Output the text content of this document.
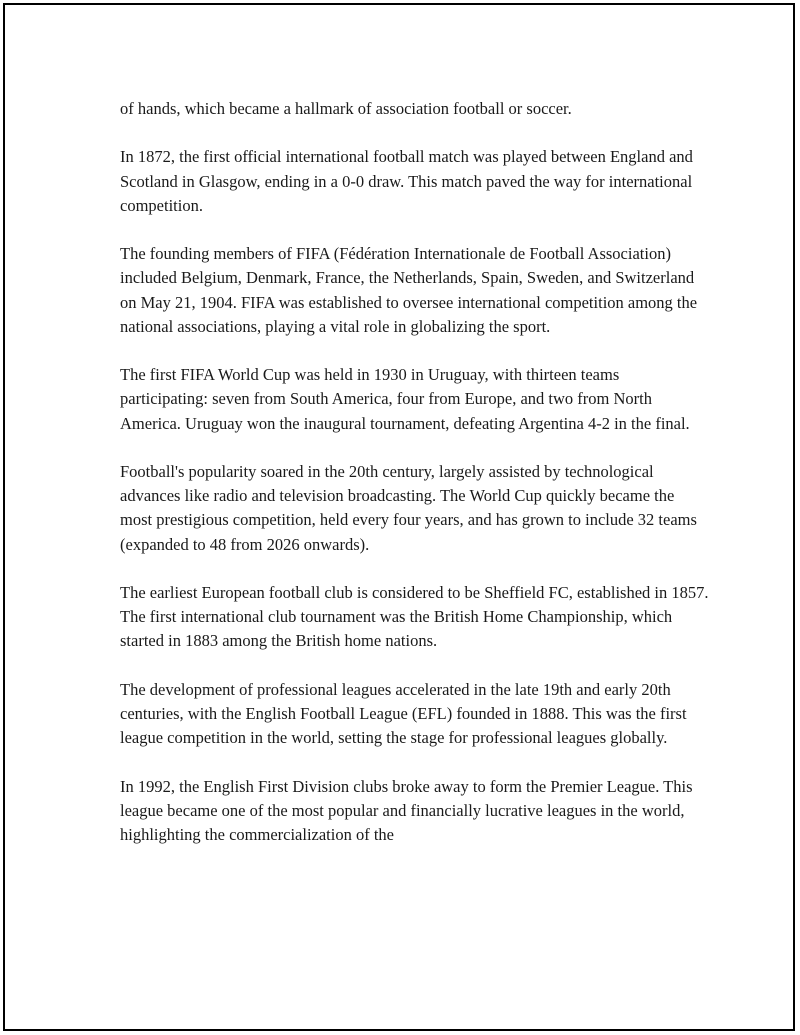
of hands, which became a hallmark of association football or soccer.

In 1872, the first official international football match was played between England and Scotland in Glasgow, ending in a 0-0 draw. This match paved the way for international competition.

The founding members of FIFA (Fédération Internationale de Football Association) included Belgium, Denmark, France, the Netherlands, Spain, Sweden, and Switzerland on May 21, 1904. FIFA was established to oversee international competition among the national associations, playing a vital role in globalizing the sport.

The first FIFA World Cup was held in 1930 in Uruguay, with thirteen teams participating: seven from South America, four from Europe, and two from North America. Uruguay won the inaugural tournament, defeating Argentina 4-2 in the final.

Football's popularity soared in the 20th century, largely assisted by technological advances like radio and television broadcasting. The World Cup quickly became the most prestigious competition, held every four years, and has grown to include 32 teams (expanded to 48 from 2026 onwards).

The earliest European football club is considered to be Sheffield FC, established in 1857. The first international club tournament was the British Home Championship, which started in 1883 among the British home nations.

The development of professional leagues accelerated in the late 19th and early 20th centuries, with the English Football League (EFL) founded in 1888. This was the first league competition in the world, setting the stage for professional leagues globally.

In 1992, the English First Division clubs broke away to form the Premier League. This league became one of the most popular and financially lucrative leagues in the world, highlighting the commercialization of the
